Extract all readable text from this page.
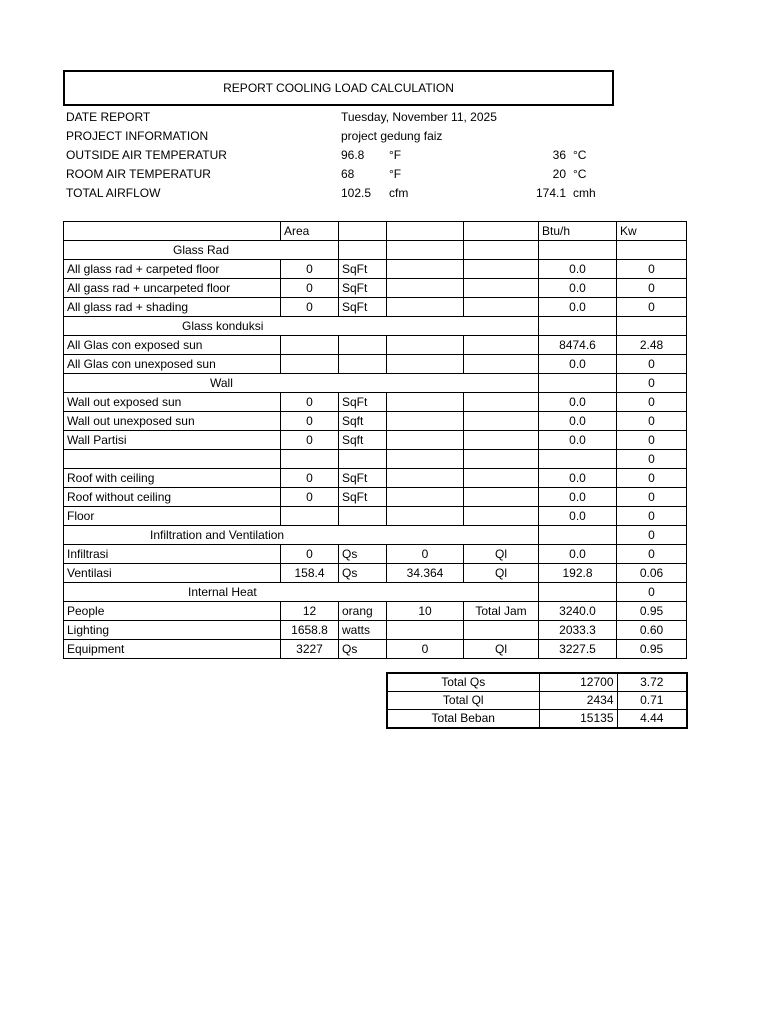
REPORT COOLING LOAD CALCULATION
DATE REPORT	Tuesday, November 11, 2025
PROJECT INFORMATION	project gedung faiz
OUTSIDE AIR TEMPERATUR	96.8 °F	36 °C
ROOM AIR TEMPERATUR	68	°F	20 °C
TOTAL AIRFLOW	102.5 cfm	174.1 cmh
	Area				Btu/h	Kw
Glass Rad						
All glass rad + carpeted floor	0	SqFt			0.0	0
All gass rad + uncarpeted floor	0	SqFt			0.0	0
All glass rad + shading	0	SqFt			0.0	0
Glass konduksi						
All Glas con exposed sun					8474.6	2.48
All Glas con unexposed sun					0.0	0
Wall						0
Wall out exposed sun	0	SqFt			0.0	0
Wall out unexposed sun	0	Sqft			0.0	0
Wall Partisi	0	Sqft			0.0	0
						0
Roof with ceiling	0	SqFt			0.0	0
Roof without ceiling	0	SqFt			0.0	0
Floor					0.0	0
Infiltration and Ventilation						0
Infiltrasi	0	Qs	0	Ql	0.0	0
Ventilasi	158.4	Qs	34.364	Ql	192.8	0.06
Internal Heat						0
People	12	orang	10	Total Jam	3240.0	0.95
Lighting	1658.8	watts			2033.3	0.60
Equipment	3227	Qs	0	Ql	3227.5	0.95
Total Qs	12700	3.72
Total Ql	2434	0.71
Total Beban	15135	4.44
